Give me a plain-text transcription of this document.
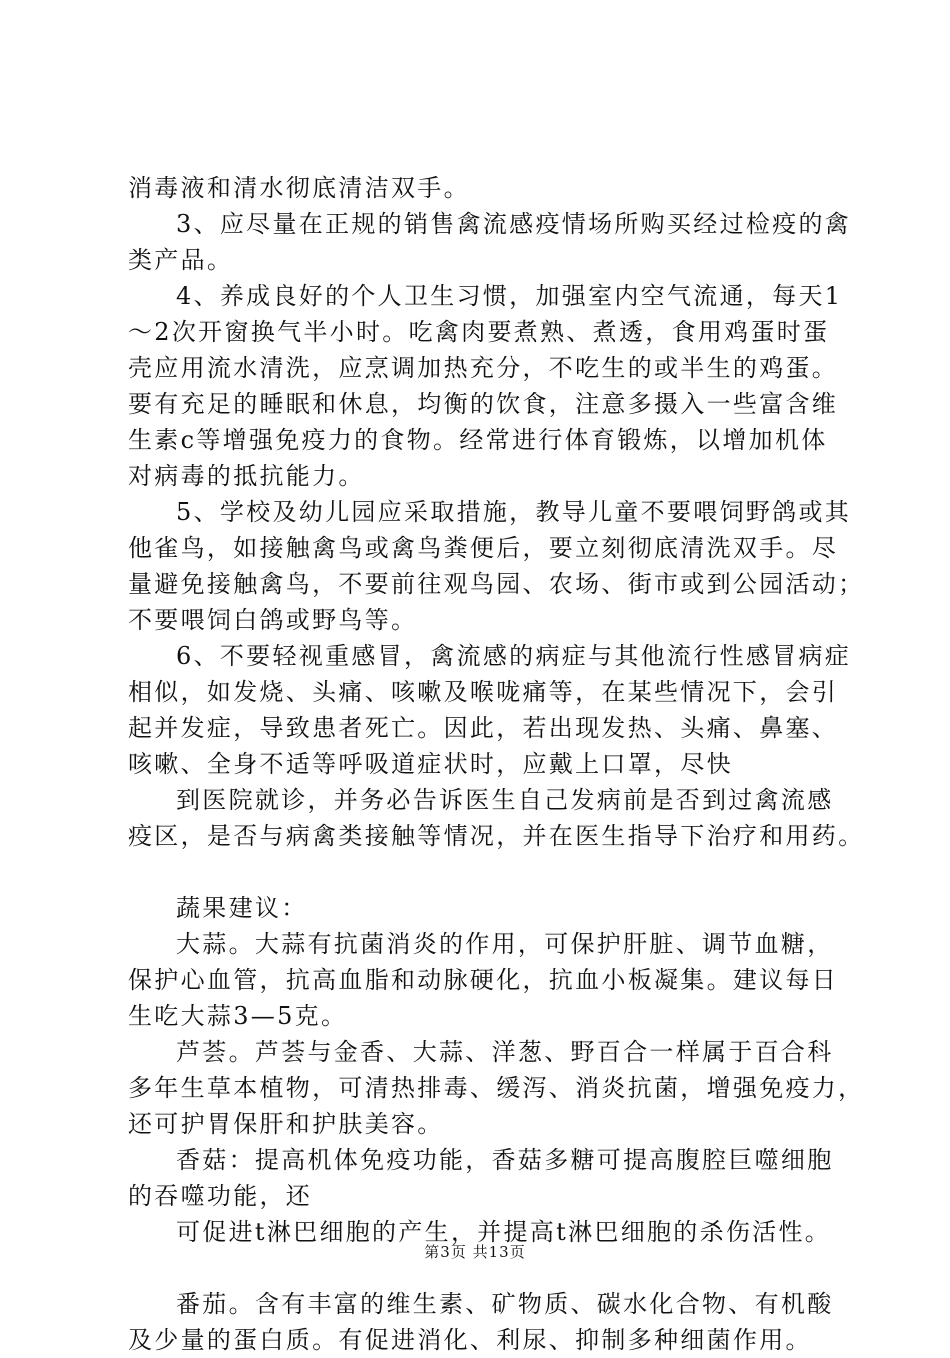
消毒液和清水彻底清洁双手。
3、应尽量在正规的销售禽流感疫情场所购买经过检疫的禽
类产品。
4、养成良好的个人卫生习惯，加强室内空气流通，每天1
～2次开窗换气半小时。吃禽肉要煮熟、煮透，食用鸡蛋时蛋
壳应用流水清洗，应烹调加热充分，不吃生的或半生的鸡蛋。
要有充足的睡眠和休息，均衡的饮食，注意多摄入一些富含维
生素c等增强免疫力的食物。经常进行体育锻炼，以增加机体
对病毒的抵抗能力。
5、学校及幼儿园应采取措施，教导儿童不要喂饲野鸽或其
他雀鸟，如接触禽鸟或禽鸟粪便后，要立刻彻底清洗双手。尽
量避免接触禽鸟，不要前往观鸟园、农场、街市或到公园活动；
不要喂饲白鸽或野鸟等。
6、不要轻视重感冒，禽流感的病症与其他流行性感冒病症
相似，如发烧、头痛、咳嗽及喉咙痛等，在某些情况下，会引
起并发症，导致患者死亡。因此，若出现发热、头痛、鼻塞、
咳嗽、全身不适等呼吸道症状时，应戴上口罩，尽快
到医院就诊，并务必告诉医生自己发病前是否到过禽流感
疫区，是否与病禽类接触等情况，并在医生指导下治疗和用药。
蔬果建议：
大蒜。大蒜有抗菌消炎的作用，可保护肝脏、调节血糖，
保护心血管，抗高血脂和动脉硬化，抗血小板凝集。建议每日
生吃大蒜3—5克。
芦荟。芦荟与金香、大蒜、洋葱、野百合一样属于百合科
多年生草本植物，可清热排毒、缓泻、消炎抗菌，增强免疫力，
还可护胃保肝和护肤美容。
香菇：提高机体免疫功能，香菇多糖可提高腹腔巨噬细胞
的吞噬功能，还
可促进t淋巴细胞的产生，并提高t淋巴细胞的杀伤活性。
番茄。含有丰富的维生素、矿物质、碳水化合物、有机酸
及少量的蛋白质。有促进消化、利尿、抑制多种细菌作用。
第3页 共13页
